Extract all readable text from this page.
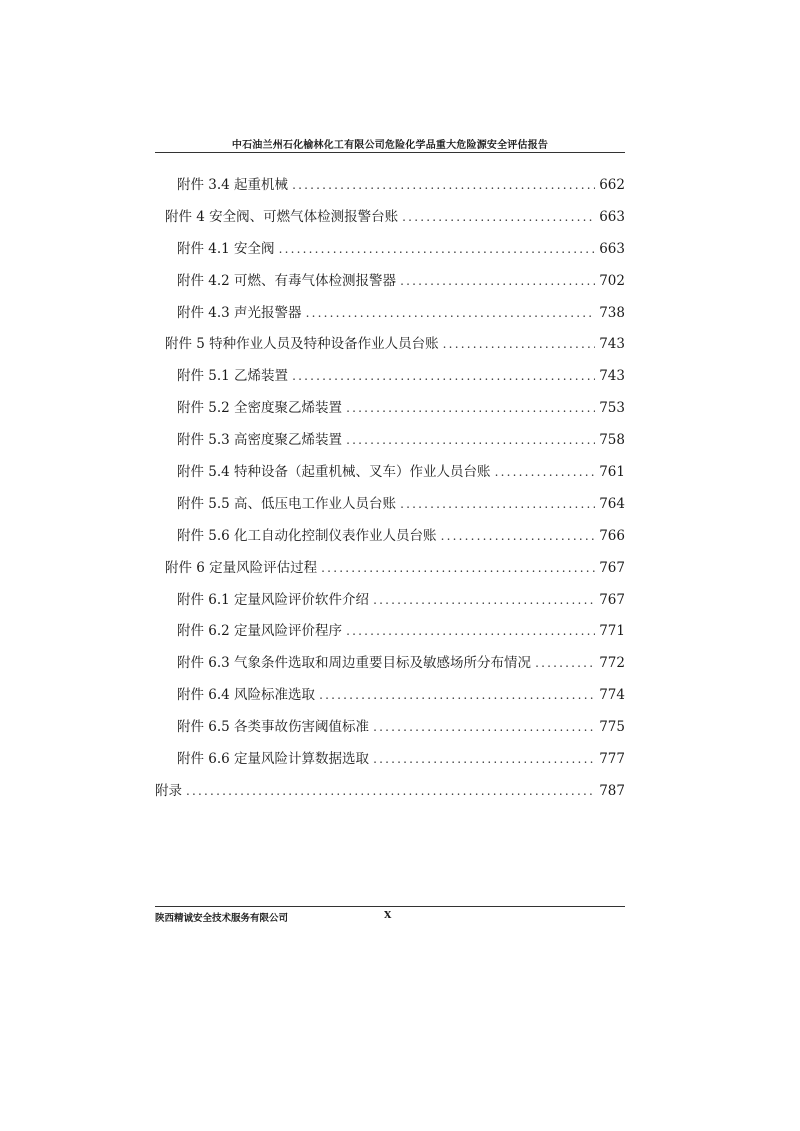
中石油兰州石化榆林化工有限公司危险化学品重大危险源安全评估报告
附件 3.4 起重机械 .....	662
附件 4 安全阀、可燃气体检测报警台账 .....	663
附件 4.1 安全阀 .....	663
附件 4.2 可燃、有毒气体检测报警器 .....	702
附件 4.3 声光报警器 .....	738
附件 5 特种作业人员及特种设备作业人员台账 .....	743
附件 5.1 乙烯装置 .....	743
附件 5.2 全密度聚乙烯装置 .....	753
附件 5.3 高密度聚乙烯装置 .....	758
附件 5.4 特种设备（起重机械、叉车）作业人员台账 .....	761
附件 5.5 高、低压电工作业人员台账 .....	764
附件 5.6 化工自动化控制仪表作业人员台账 .....	766
附件 6 定量风险评估过程 .....	767
附件 6.1 定量风险评价软件介绍 .....	767
附件 6.2 定量风险评价程序 .....	771
附件 6.3 气象条件选取和周边重要目标及敏感场所分布情况 .....	772
附件 6.4 风险标准选取 .....	774
附件 6.5 各类事故伤害阈值标准 .....	775
附件 6.6 定量风险计算数据选取 .....	777
附录 .....	787
陕西精诚安全技术服务有限公司	X
